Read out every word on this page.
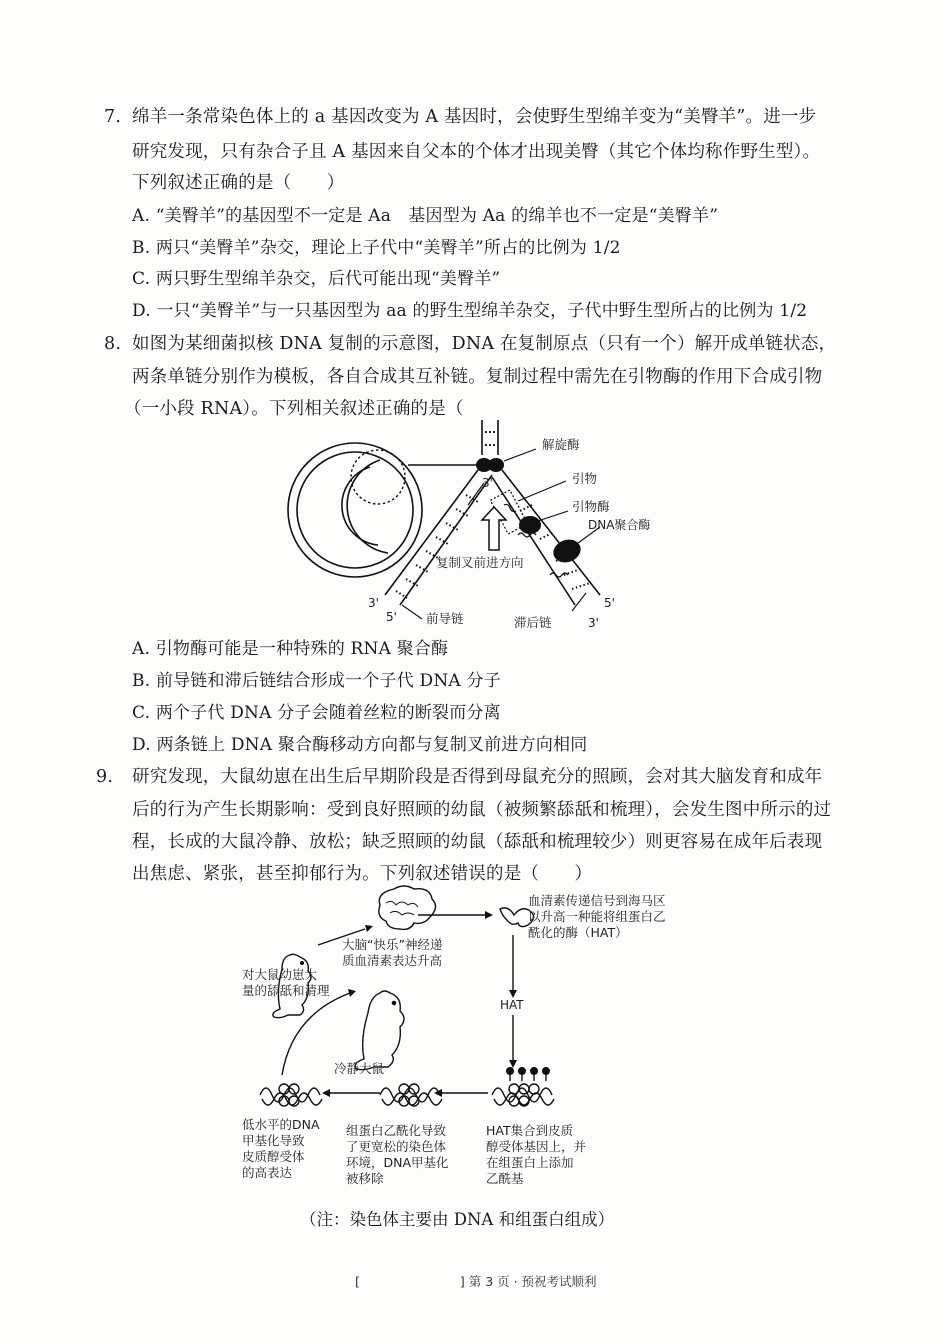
7. 绵羊一条常染色体上的 a 基因改变为 A 基因时，会使野生型绵羊变为“美臀羊”。进一步
研究发现，只有杂合子且 A 基因来自父本的个体才出现美臀（其它个体均称作野生型）。
下列叙述正确的是（　　）
A. “美臀羊”的基因型不一定是 Aa　基因型为 Aa 的绵羊也不一定是“美臀羊”
B. 两只“美臀羊”杂交，理论上子代中“美臀羊”所占的比例为 1/2
C. 两只野生型绵羊杂交，后代可能出现“美臀羊”
D. 一只“美臀羊”与一只基因型为 aa 的野生型绵羊杂交，子代中野生型所占的比例为 1/2
8. 如图为某细菌拟核 DNA 复制的示意图，DNA 在复制原点（只有一个）解开成单链状态，
两条单链分别作为模板，各自合成其互补链。复制过程中需先在引物酶的作用下合成引物
（一小段 RNA）。下列相关叙述正确的是（
解旋酶
引物
引物酶
DNA聚合酶
复制叉前进方向
前导链	滞后链
3'
3'
5'
5'
3'
A. 引物酶可能是一种特殊的 RNA 聚合酶
B. 前导链和滞后链结合形成一个子代 DNA 分子
C. 两个子代 DNA 分子会随着丝粒的断裂而分离
D. 两条链上 DNA 聚合酶移动方向都与复制叉前进方向相同
9. 研究发现，大鼠幼崽在出生后早期阶段是否得到母鼠充分的照顾，会对其大脑发育和成年
后的行为产生长期影响：受到良好照顾的幼鼠（被频繁舔舐和梳理），会发生图中所示的过
程，长成的大鼠冷静、放松；缺乏照顾的幼鼠（舔舐和梳理较少）则更容易在成年后表现
出焦虑、紧张，甚至抑郁行为。下列叙述错误的是（　　）
对大鼠幼崽大
量的舔舐和清理
大脑“快乐”神经递
质血清素表达升高
血清素传递信号到海马区
以升高一种能将组蛋白乙
酰化的酶（HAT）
HAT
冷静大鼠
低水平的DNA
甲基化导致
皮质醇受体
的高表达
组蛋白乙酰化导致
了更宽松的染色体
环境，DNA甲基化
被移除
HAT集合到皮质
醇受体基因上，并
在组蛋白上添加
乙酰基
（注：染色体主要由 DNA 和组蛋白组成）
[　　　　　　　　] 第 3 页 · 预祝考试顺利
